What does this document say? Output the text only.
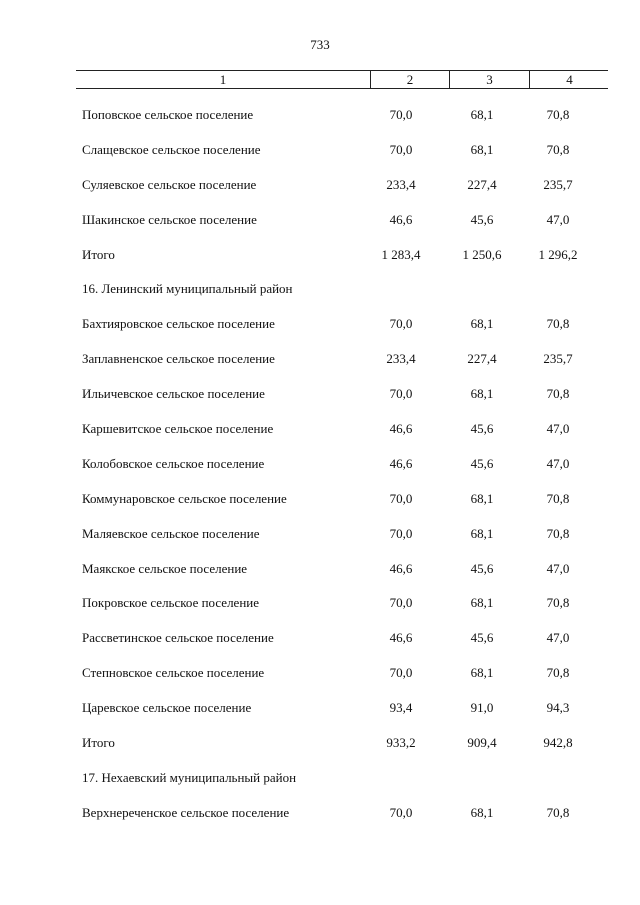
733
1	2	3	4
Поповское сельское поселение	70,0	68,1	70,8
Слащевское сельское поселение	70,0	68,1	70,8
Суляевское сельское поселение	233,4	227,4	235,7
Шакинское сельское поселение	46,6	45,6	47,0
Итого	1 283,4	1 250,6	1 296,2
16. Ленинский муниципальный район
Бахтияровское сельское поселение	70,0	68,1	70,8
Заплавненское сельское поселение	233,4	227,4	235,7
Ильичевское сельское поселение	70,0	68,1	70,8
Каршевитское сельское поселение	46,6	45,6	47,0
Колобовское сельское поселение	46,6	45,6	47,0
Коммунаровское сельское поселение	70,0	68,1	70,8
Маляевское сельское поселение	70,0	68,1	70,8
Маякское сельское поселение	46,6	45,6	47,0
Покровское сельское поселение	70,0	68,1	70,8
Рассветинское сельское поселение	46,6	45,6	47,0
Степновское сельское поселение	70,0	68,1	70,8
Царевское сельское поселение	93,4	91,0	94,3
Итого	933,2	909,4	942,8
17. Нехаевский муниципальный район
Верхнереченское сельское поселение	70,0	68,1	70,8
